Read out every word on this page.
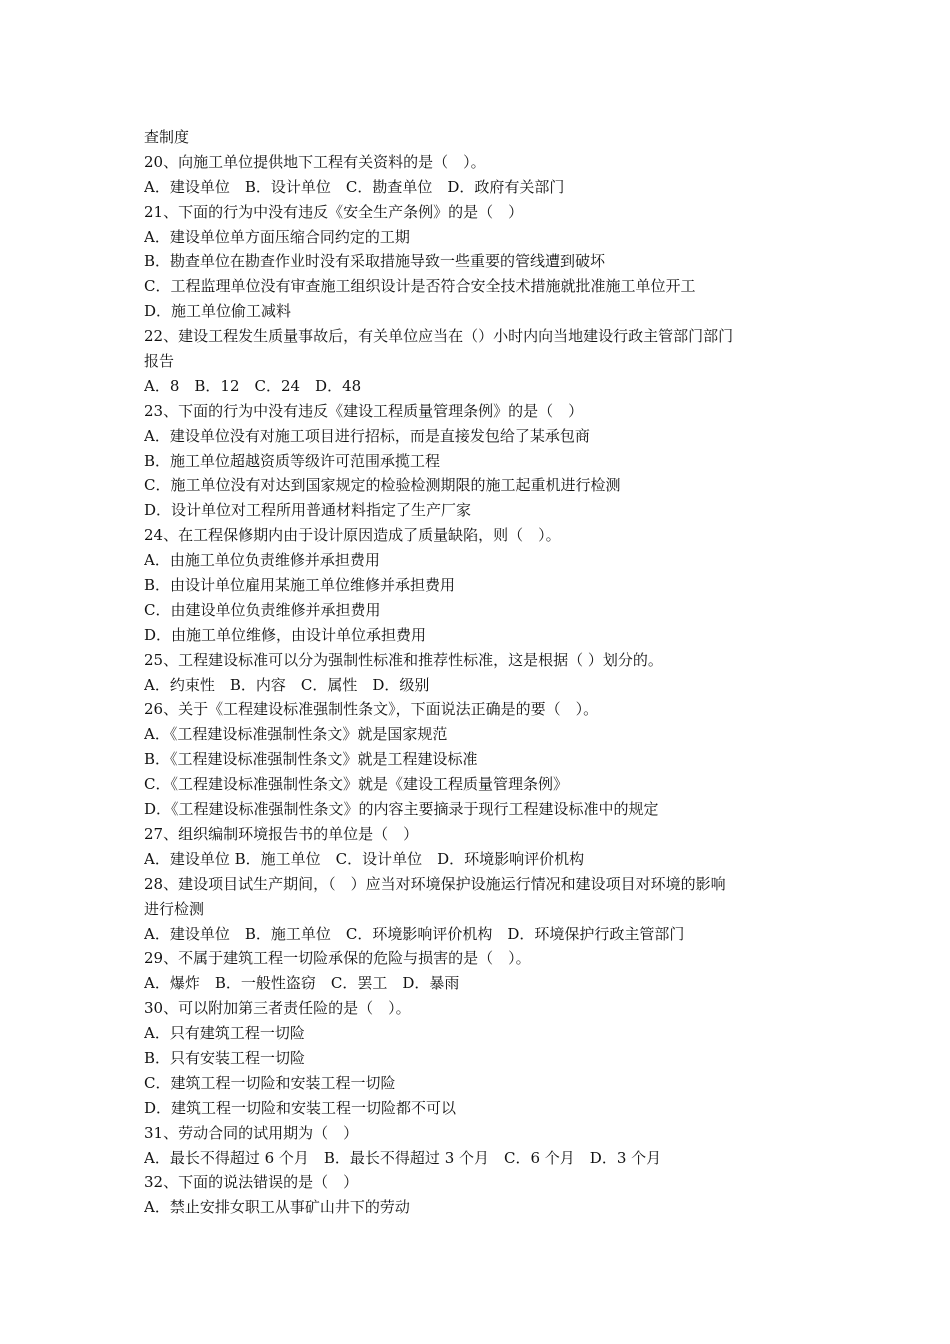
查制度
20、向施工单位提供地下工程有关资料的是（　）。
A．建设单位　B．设计单位　C．勘查单位　D．政府有关部门
21、下面的行为中没有违反《安全生产条例》的是（　）
A．建设单位单方面压缩合同约定的工期
B．勘查单位在勘查作业时没有采取措施导致一些重要的管线遭到破坏
C．工程监理单位没有审查施工组织设计是否符合安全技术措施就批准施工单位开工
D．施工单位偷工减料
22、建设工程发生质量事故后，有关单位应当在（）小时内向当地建设行政主管部门部门
报告
A．8　B．12　C．24　D．48
23、下面的行为中没有违反《建设工程质量管理条例》的是（　）
A．建设单位没有对施工项目进行招标，而是直接发包给了某承包商
B．施工单位超越资质等级许可范围承揽工程
C．施工单位没有对达到国家规定的检验检测期限的施工起重机进行检测
D．设计单位对工程所用普通材料指定了生产厂家
24、在工程保修期内由于设计原因造成了质量缺陷，则（　）。
A．由施工单位负责维修并承担费用
B．由设计单位雇用某施工单位维修并承担费用
C．由建设单位负责维修并承担费用
D．由施工单位维修，由设计单位承担费用
25、工程建设标准可以分为强制性标准和推荐性标准，这是根据（ ）划分的。
A．约束性　B．内容　C．属性　D．级别
26、关于《工程建设标准强制性条文》，下面说法正确是的要（　）。
A．《工程建设标准强制性条文》就是国家规范
B．《工程建设标准强制性条文》就是工程建设标准
C．《工程建设标准强制性条文》就是《建设工程质量管理条例》
D．《工程建设标准强制性条文》的内容主要摘录于现行工程建设标准中的规定
27、组织编制环境报告书的单位是（　）
A．建设单位 B．施工单位　C．设计单位　D．环境影响评价机构
28、建设项目试生产期间，（　）应当对环境保护设施运行情况和建设项目对环境的影响
进行检测
A．建设单位　B．施工单位　C．环境影响评价机构　D．环境保护行政主管部门
29、不属于建筑工程一切险承保的危险与损害的是（　）。
A．爆炸　B．一般性盗窃　C．罢工　D．暴雨
30、可以附加第三者责任险的是（　）。
A．只有建筑工程一切险
B．只有安装工程一切险
C．建筑工程一切险和安装工程一切险
D．建筑工程一切险和安装工程一切险都不可以
31、劳动合同的试用期为（　）
A．最长不得超过 6 个月　B．最长不得超过 3 个月　C．6 个月　D．3 个月
32、下面的说法错误的是（　）
A．禁止安排女职工从事矿山井下的劳动
